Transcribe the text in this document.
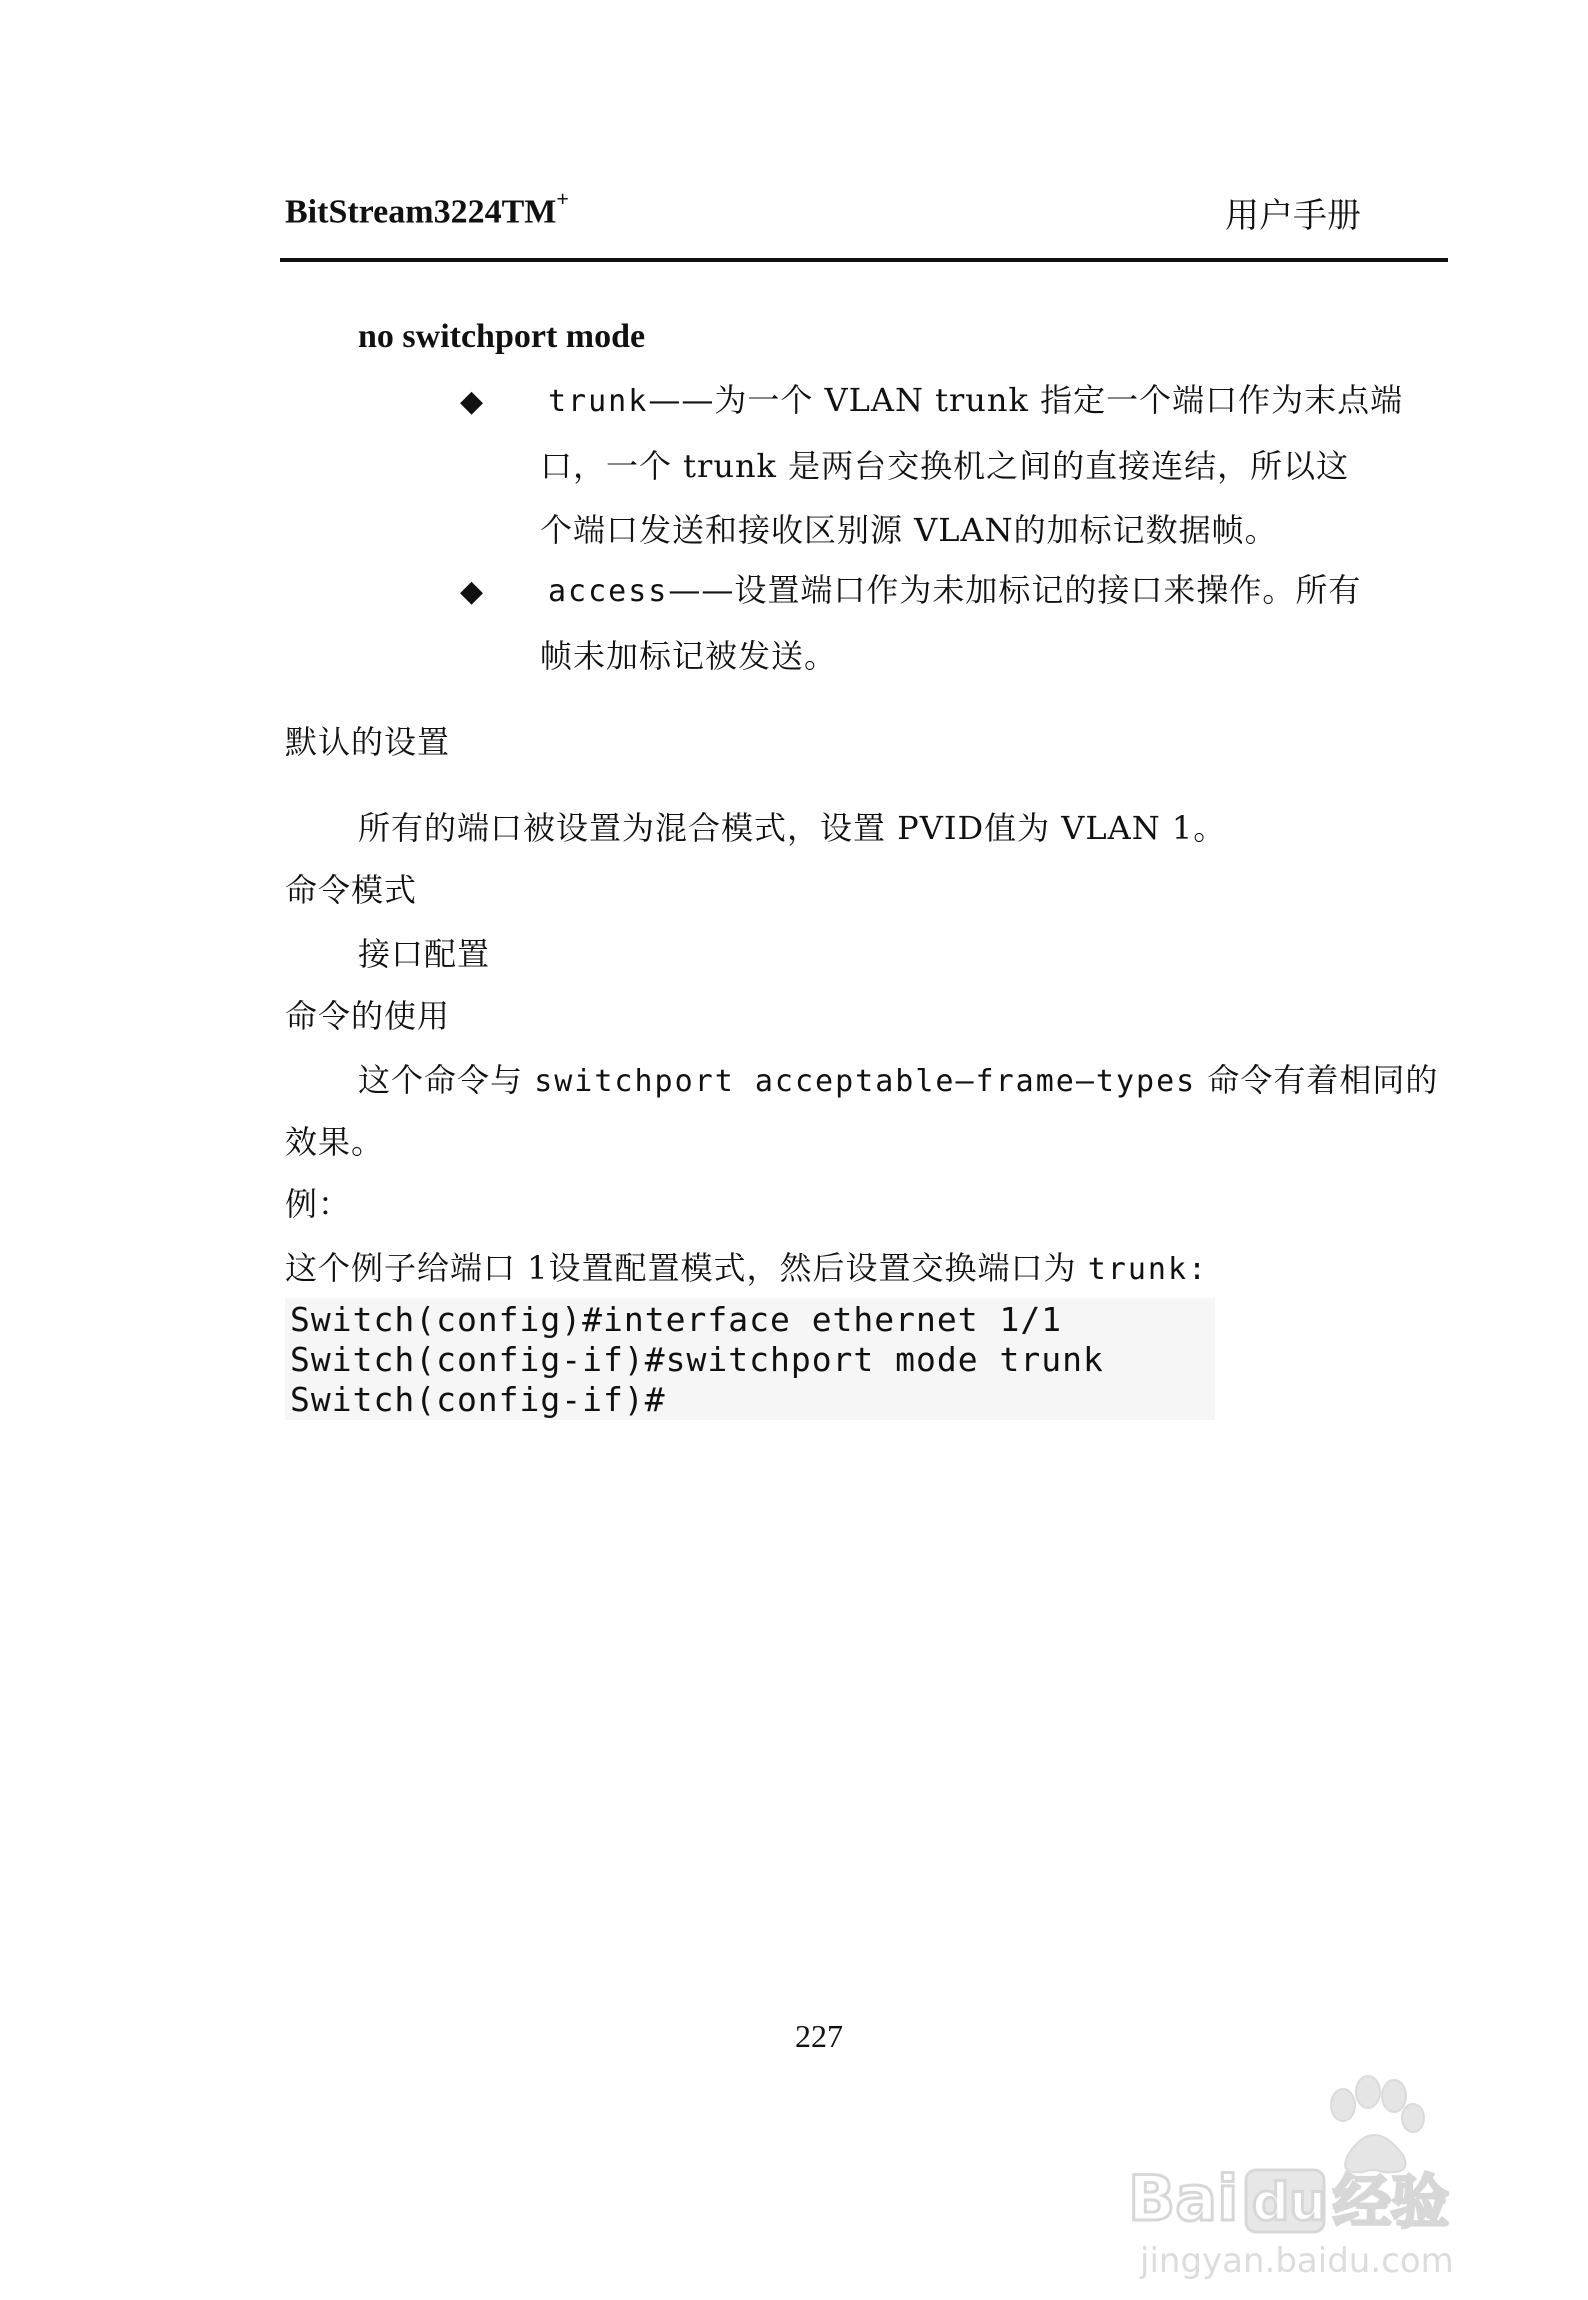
BitStream3224TM+	用户手册
no switchport mode
◆ trunk——为一个 VLAN trunk 指定一个端口作为末点端
口，一个 trunk 是两台交换机之间的直接连结，所以这
个端口发送和接收区别源 VLAN的加标记数据帧。
◆ access——设置端口作为未加标记的接口来操作。所有
帧未加标记被发送。
默认的设置
所有的端口被设置为混合模式，设置 PVID值为 VLAN 1。
命令模式
接口配置
命令的使用
这个命令与 switchport acceptable—frame—types 命令有着相同的
效果。
例：
这个例子给端口 1设置配置模式，然后设置交换端口为 trunk:
Switch(config)#interface ethernet 1/1
Switch(config-if)#switchport mode trunk
Switch(config-if)#
227
Bai du 经验
jingyan.baidu.com
